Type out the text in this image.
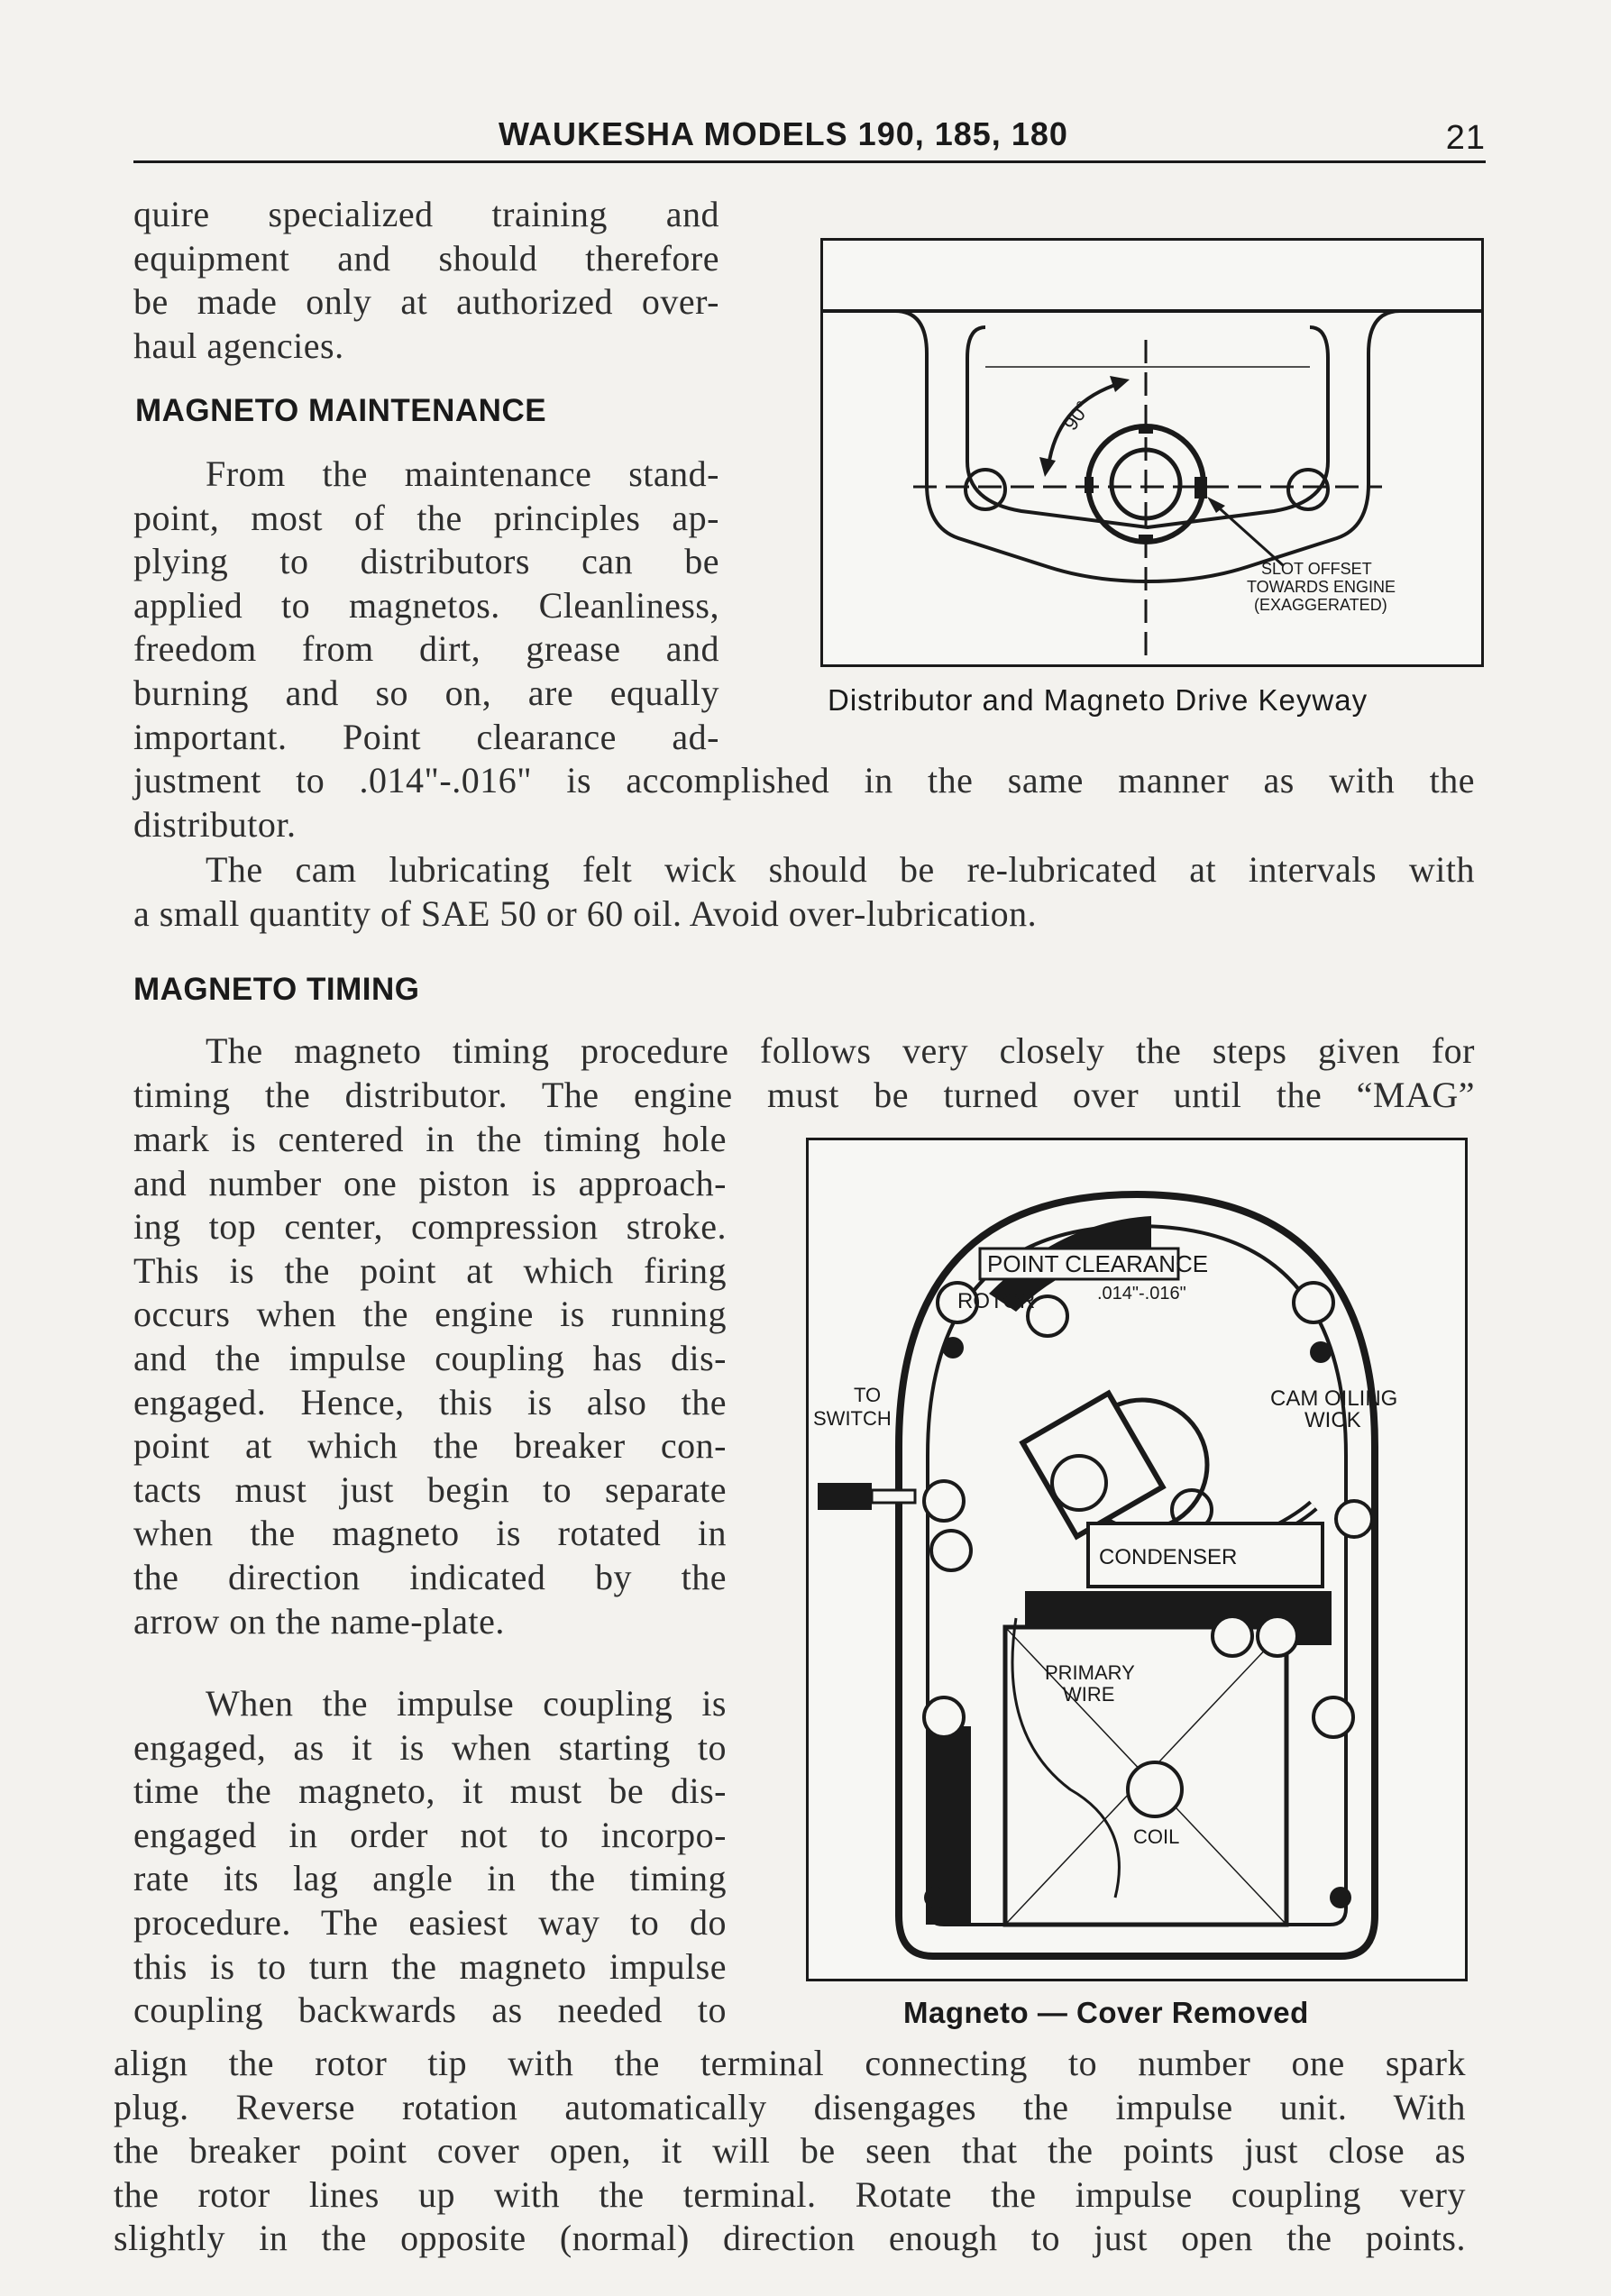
WAUKESHA MODELS 190, 185, 180	21
quire specialized training and
equipment and should therefore
be made only at authorized over-
haul agencies.
MAGNETO MAINTENANCE
From the maintenance stand-
point, most of the principles ap-
plying to distributors can be
applied to magnetos. Cleanliness,
freedom from dirt, grease and
burning and so on, are equally
important. Point clearance ad-
justment to .014"-.016" is accomplished in the same manner as with the
distributor.
The cam lubricating felt wick should be re-lubricated at intervals with
a small quantity of SAE 50 or 60 oil. Avoid over-lubrication.
MAGNETO TIMING
The magneto timing procedure follows very closely the steps given for
timing the distributor. The engine must be turned over until the “MAG”
mark is centered in the timing hole
and number one piston is approach-
ing top center, compression stroke.
This is the point at which firing
occurs when the engine is running
and the impulse coupling has dis-
engaged. Hence, this is also the
point at which the breaker con-
tacts must just begin to separate
when the magneto is rotated in
the direction indicated by the
arrow on the name-plate.
When the impulse coupling is
engaged, as it is when starting to
time the magneto, it must be dis-
engaged in order not to incorpo-
rate its lag angle in the timing
procedure. The easiest way to do
this is to turn the magneto impulse
coupling backwards as needed to
align the rotor tip with the terminal connecting to number one spark
plug. Reverse rotation automatically disengages the impulse unit. With
the breaker point cover open, it will be seen that the points just close as
the rotor lines up with the terminal. Rotate the impulse coupling very
slightly in the opposite (normal) direction enough to just open the points.
90°
SLOT OFFSET
TOWARDS ENGINE
(EXAGGERATED)
Distributor and Magneto Drive Keyway
CONDENSER
POINT CLEARANCE
.014"-.016"
ROTOR
TO
SWITCH
CAM OILING
WICK
PRIMARY
WIRE
COIL
Magneto — Cover Removed
